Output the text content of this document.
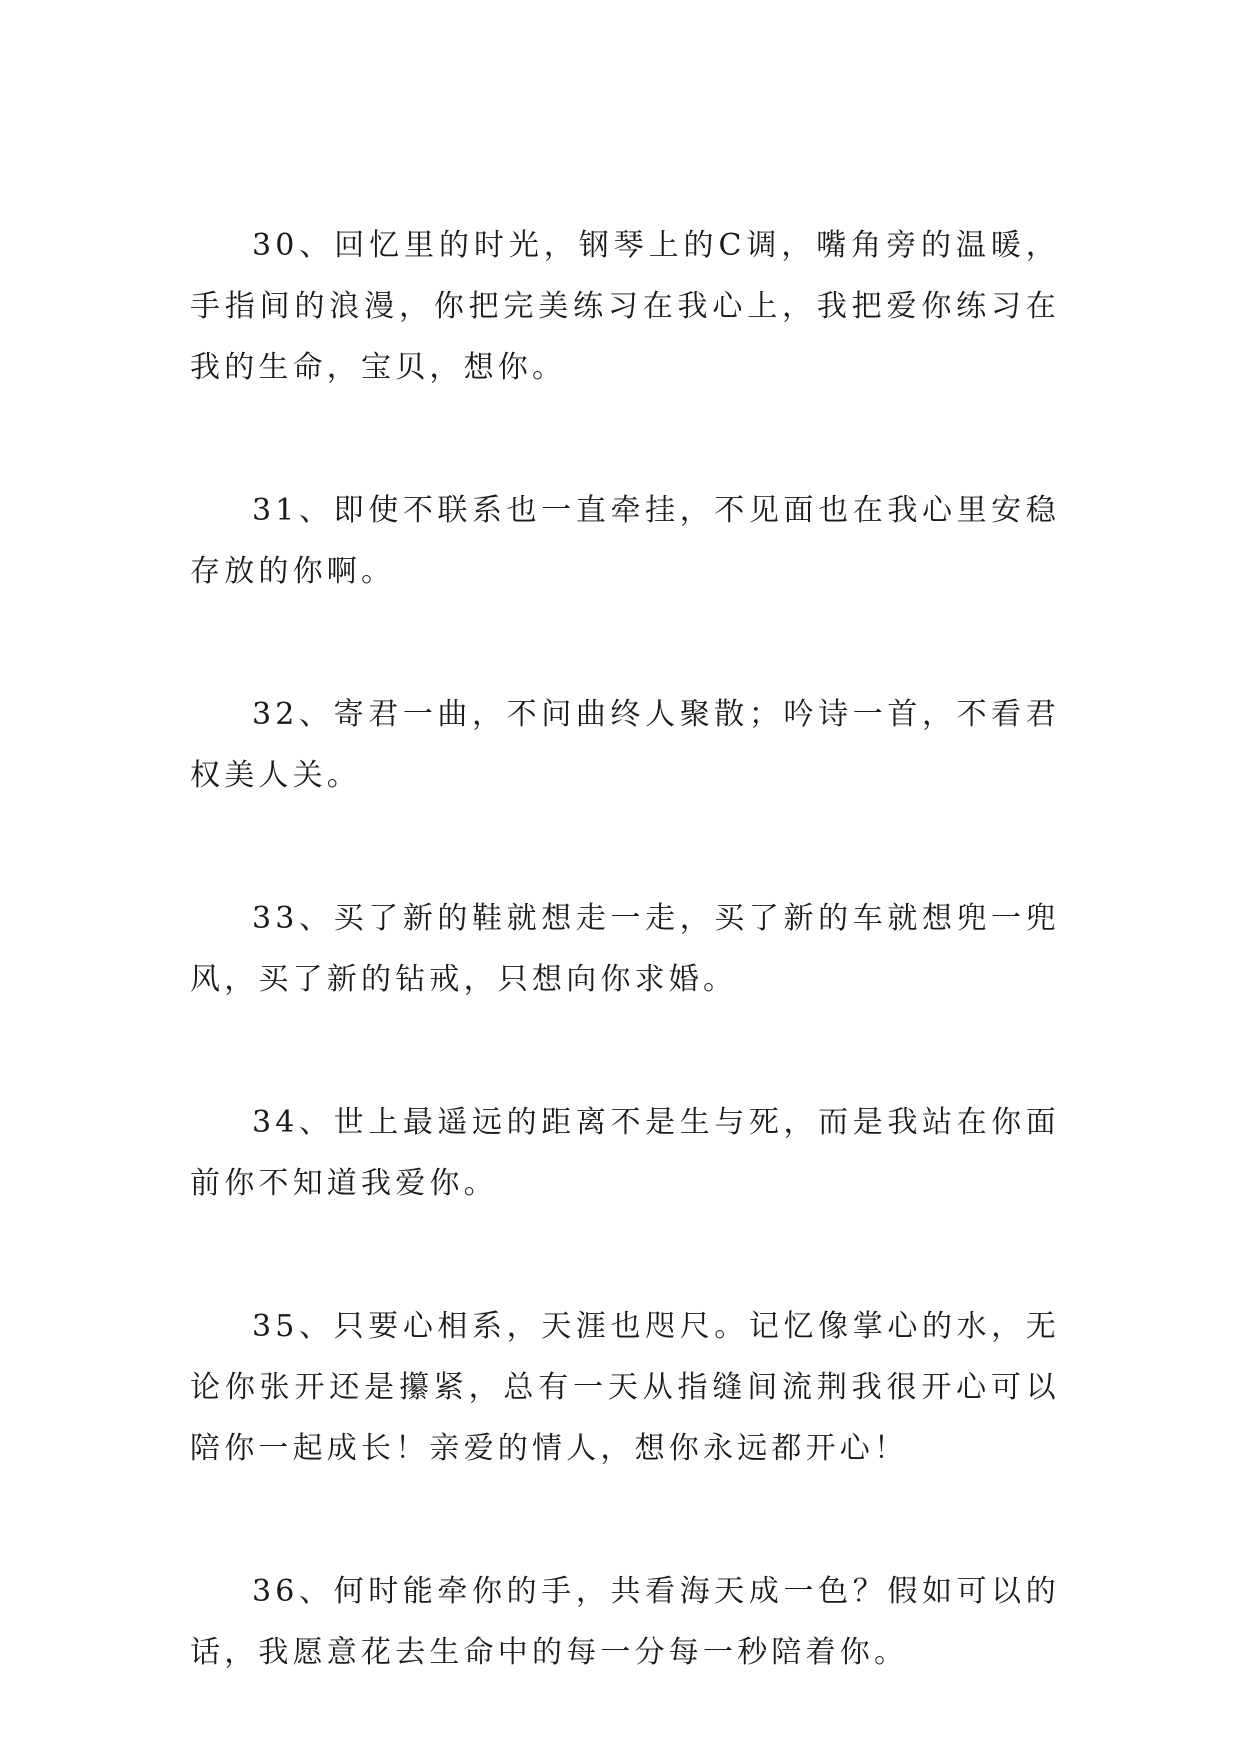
30、回忆里的时光，钢琴上的C调，嘴角旁的温暖，手指间的浪漫，你把完美练习在我心上，我把爱你练习在我的生命，宝贝，想你。

31、即使不联系也一直牵挂，不见面也在我心里安稳存放的你啊。

32、寄君一曲，不问曲终人聚散；吟诗一首，不看君权美人关。

33、买了新的鞋就想走一走，买了新的车就想兜一兜风，买了新的钻戒，只想向你求婚。

34、世上最遥远的距离不是生与死，而是我站在你面前你不知道我爱你。

35、只要心相系，天涯也咫尺。记忆像掌心的水，无论你张开还是攥紧，总有一天从指缝间流荆我很开心可以陪你一起成长！亲爱的情人，想你永远都开心！

36、何时能牵你的手，共看海天成一色？假如可以的话，我愿意花去生命中的每一分每一秒陪着你。
